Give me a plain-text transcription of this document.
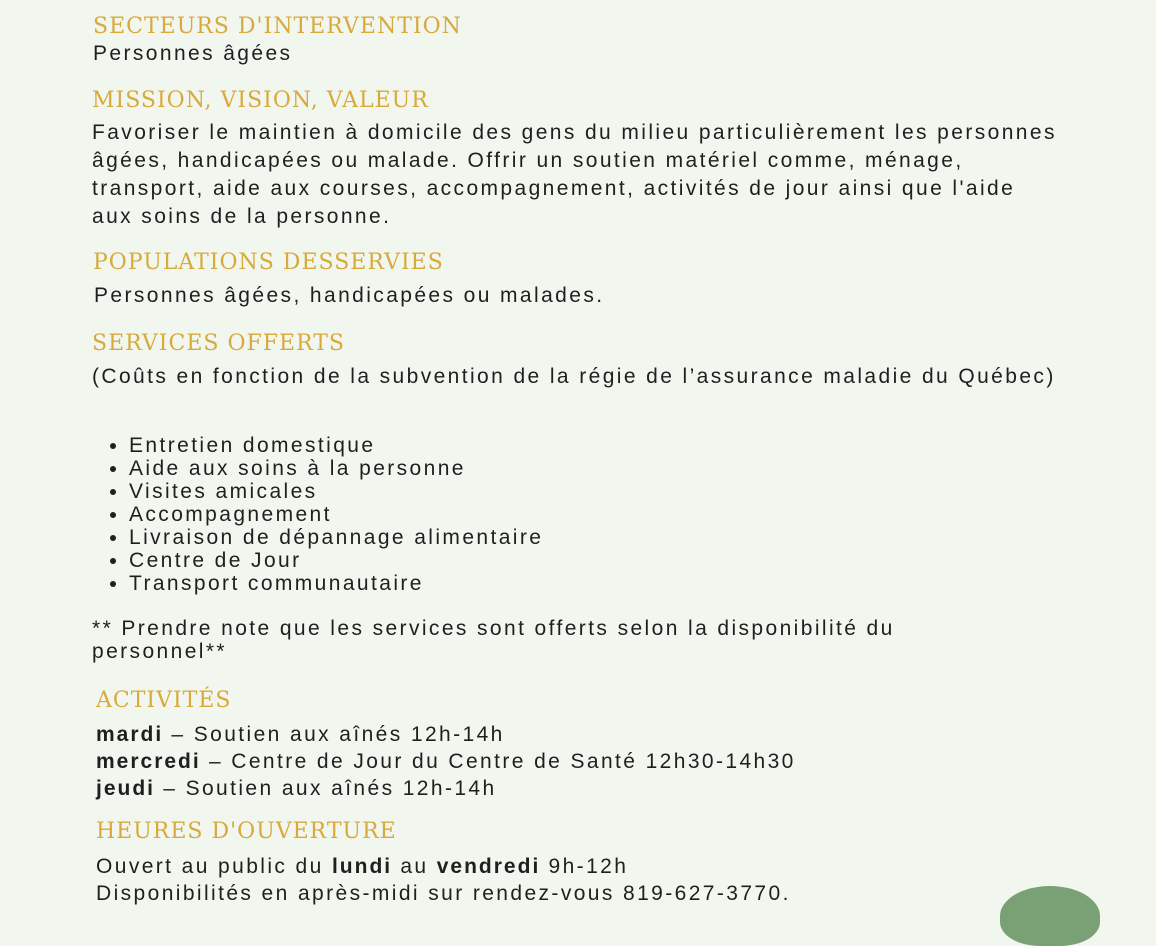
SECTEURS D'INTERVENTION
Personnes âgées
MISSION, VISION, VALEUR
Favoriser le maintien à domicile des gens du milieu particulièrement les personnes âgées, handicapées ou malade. Offrir un soutien matériel comme, ménage, transport, aide aux courses, accompagnement, activités de jour ainsi que l'aide aux soins de la personne.
POPULATIONS DESSERVIES
Personnes âgées, handicapées ou malades.
SERVICES OFFERTS
(Coûts en fonction de la subvention de la régie de l’assurance maladie du Québec)
• Entretien domestique
• Aide aux soins à la personne
• Visites amicales
• Accompagnement
• Livraison de dépannage alimentaire
• Centre de Jour
• Transport communautaire
** Prendre note que les services sont offerts selon la disponibilité du personnel**
ACTIVITÉS
mardi – Soutien aux aînés 12h-14h
mercredi – Centre de Jour du Centre de Santé 12h30-14h30
jeudi – Soutien aux aînés 12h-14h
HEURES D'OUVERTURE
Ouvert au public du lundi au vendredi 9h-12h
Disponibilités en après-midi sur rendez-vous 819-627-3770.
